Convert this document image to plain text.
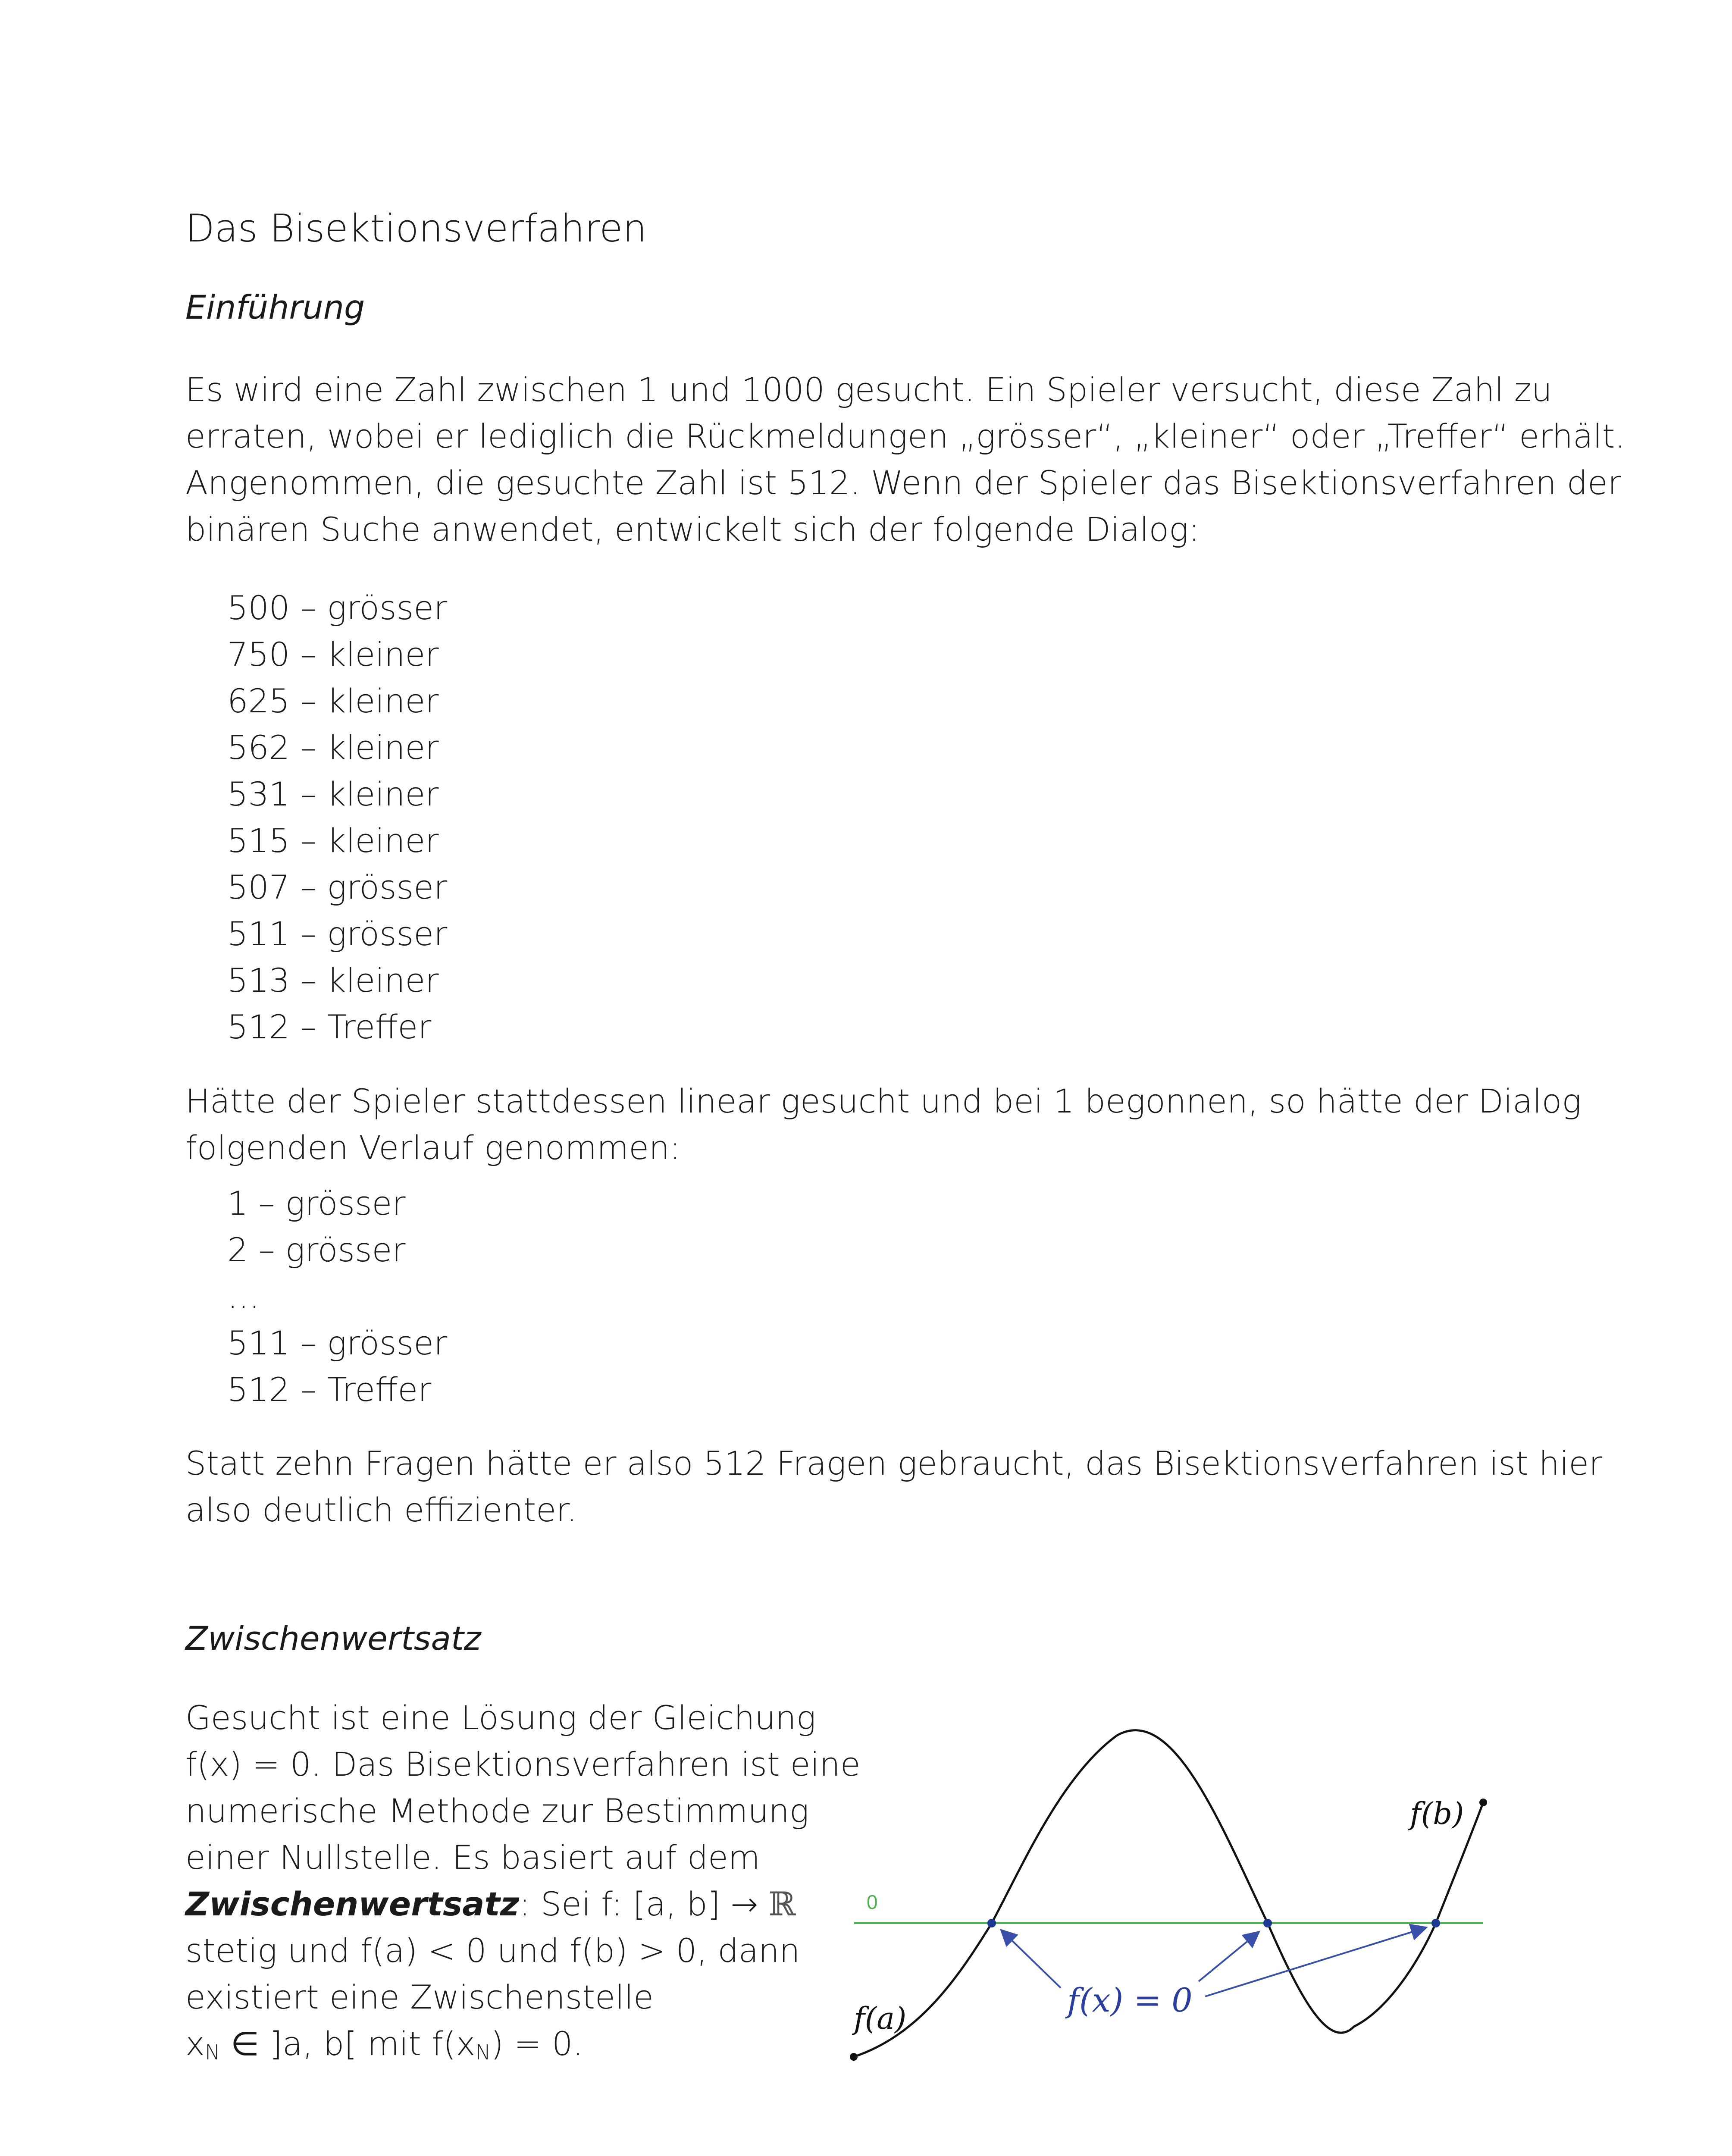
Das Bisektionsverfahren
Einführung

Es wird eine Zahl zwischen 1 und 1000 gesucht. Ein Spieler versucht, diese Zahl zu

erraten, wobei er lediglich die Rückmeldungen „grösser“, „kleiner“ oder „Treffer“ erhält.

Angenommen, die gesuchte Zahl ist 512. Wenn der Spieler das Bisektionsverfahren der

binären Suche anwendet, entwickelt sich der folgende Dialog:

500 – grösser
750 – kleiner
625 – kleiner
562 – kleiner
531 – kleiner
515 – kleiner
507 – grösser
511 – grösser
513 – kleiner
512 – Treffer

Hätte der Spieler stattdessen linear gesucht und bei 1 begonnen, so hätte der Dialog

folgenden Verlauf genommen:

1 – grösser
2 – grösser
…
511 – grösser
512 – Treffer

Statt zehn Fragen hätte er also 512 Fragen gebraucht, das Bisektionsverfahren ist hier

also deutlich effizienter.

Zwischenwertsatz
Gesucht ist eine Lösung der Gleichung
f(x) = 0. Das Bisektionsverfahren ist eine
numerische Methode zur Bestimmung
einer Nullstelle. Es basiert auf dem
Zwischenwertsatz: Sei f: [a, b] → ℝ
stetig und f(a) < 0 und f(b) > 0, dann
existiert eine Zwischenstelle
$x_N$ ∈ ]a, b[ mit $f(x_N) = 0$.
0
f(x) = 0
f(a)
f(b)
